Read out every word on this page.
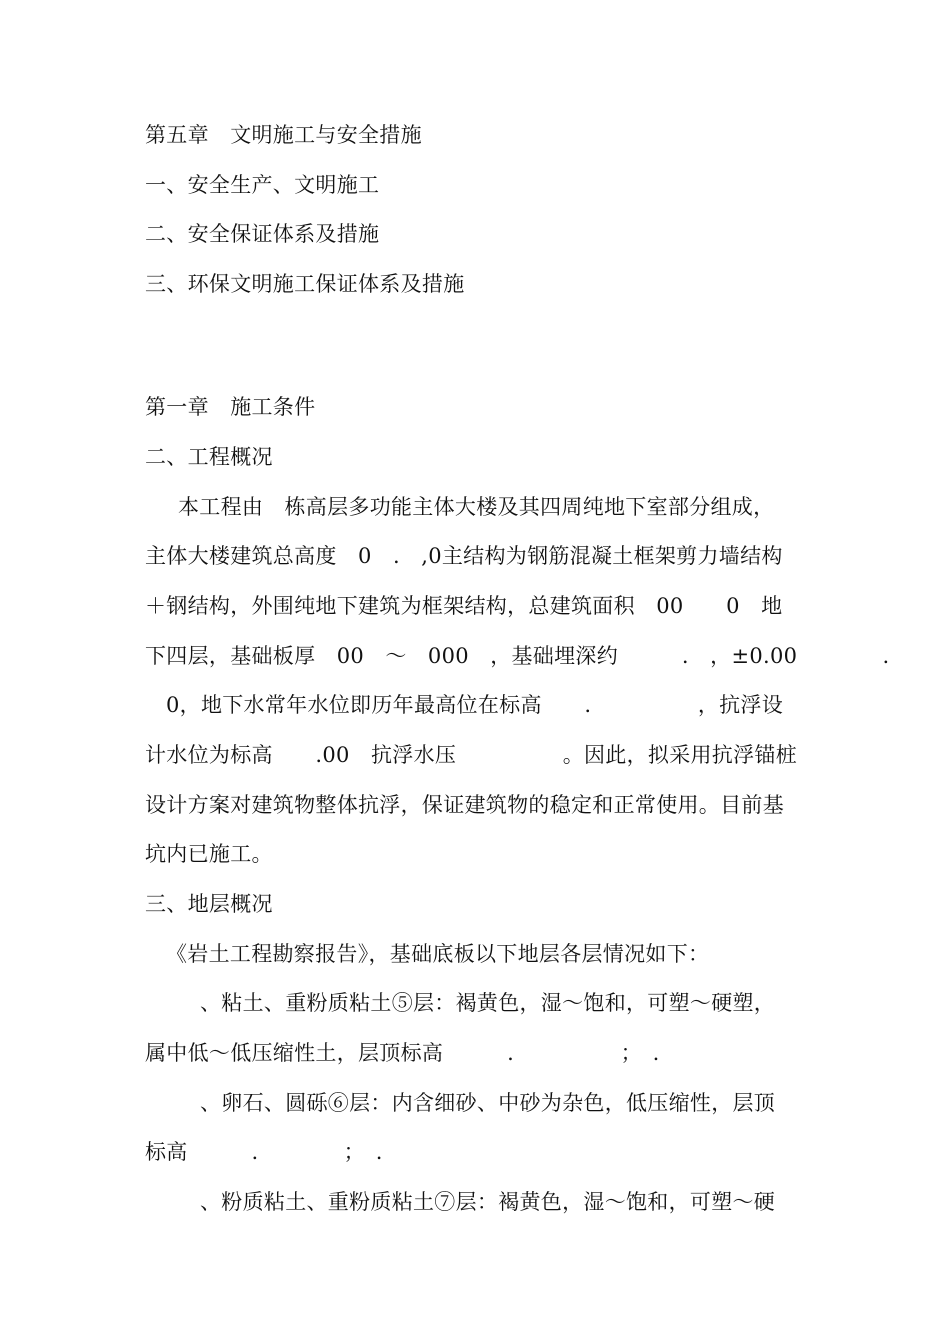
第五章　文明施工与安全措施
一、安全生产、文明施工
二、安全保证体系及措施
三、环保文明施工保证体系及措施
第一章　施工条件
二、工程概况
本工程由　栋高层多功能主体大楼及其四周纯地下室部分组成，
主体大楼建筑总高度　0　.　,0主结构为钢筋混凝土框架剪力墙结构
＋钢结构，外围纯地下建筑为框架结构，总建筑面积　00　　0　地
下四层，基础板厚　00　～　000　，基础埋深约　　　.　，±0.00　　　　.
0，地下水常年水位即历年最高位在标高　　.　　　　　，抗浮设
计水位为标高　　.00　抗浮水压　　　　　。因此，拟采用抗浮锚桩
设计方案对建筑物整体抗浮，保证建筑物的稳定和正常使用。目前基
坑内已施工。
三、地层概况
《岩土工程勘察报告》，基础底板以下地层各层情况如下：
、粘土、重粉质粘土⑤层：褐黄色，湿～饱和，可塑～硬塑，
属中低～低压缩性土，层顶标高　　　.　　　　　；　.
、卵石、圆砾⑥层：内含细砂、中砂为杂色，低压缩性，层顶
标高　　　.　　　　；　.
、粉质粘土、重粉质粘土⑦层：褐黄色，湿～饱和，可塑～硬
